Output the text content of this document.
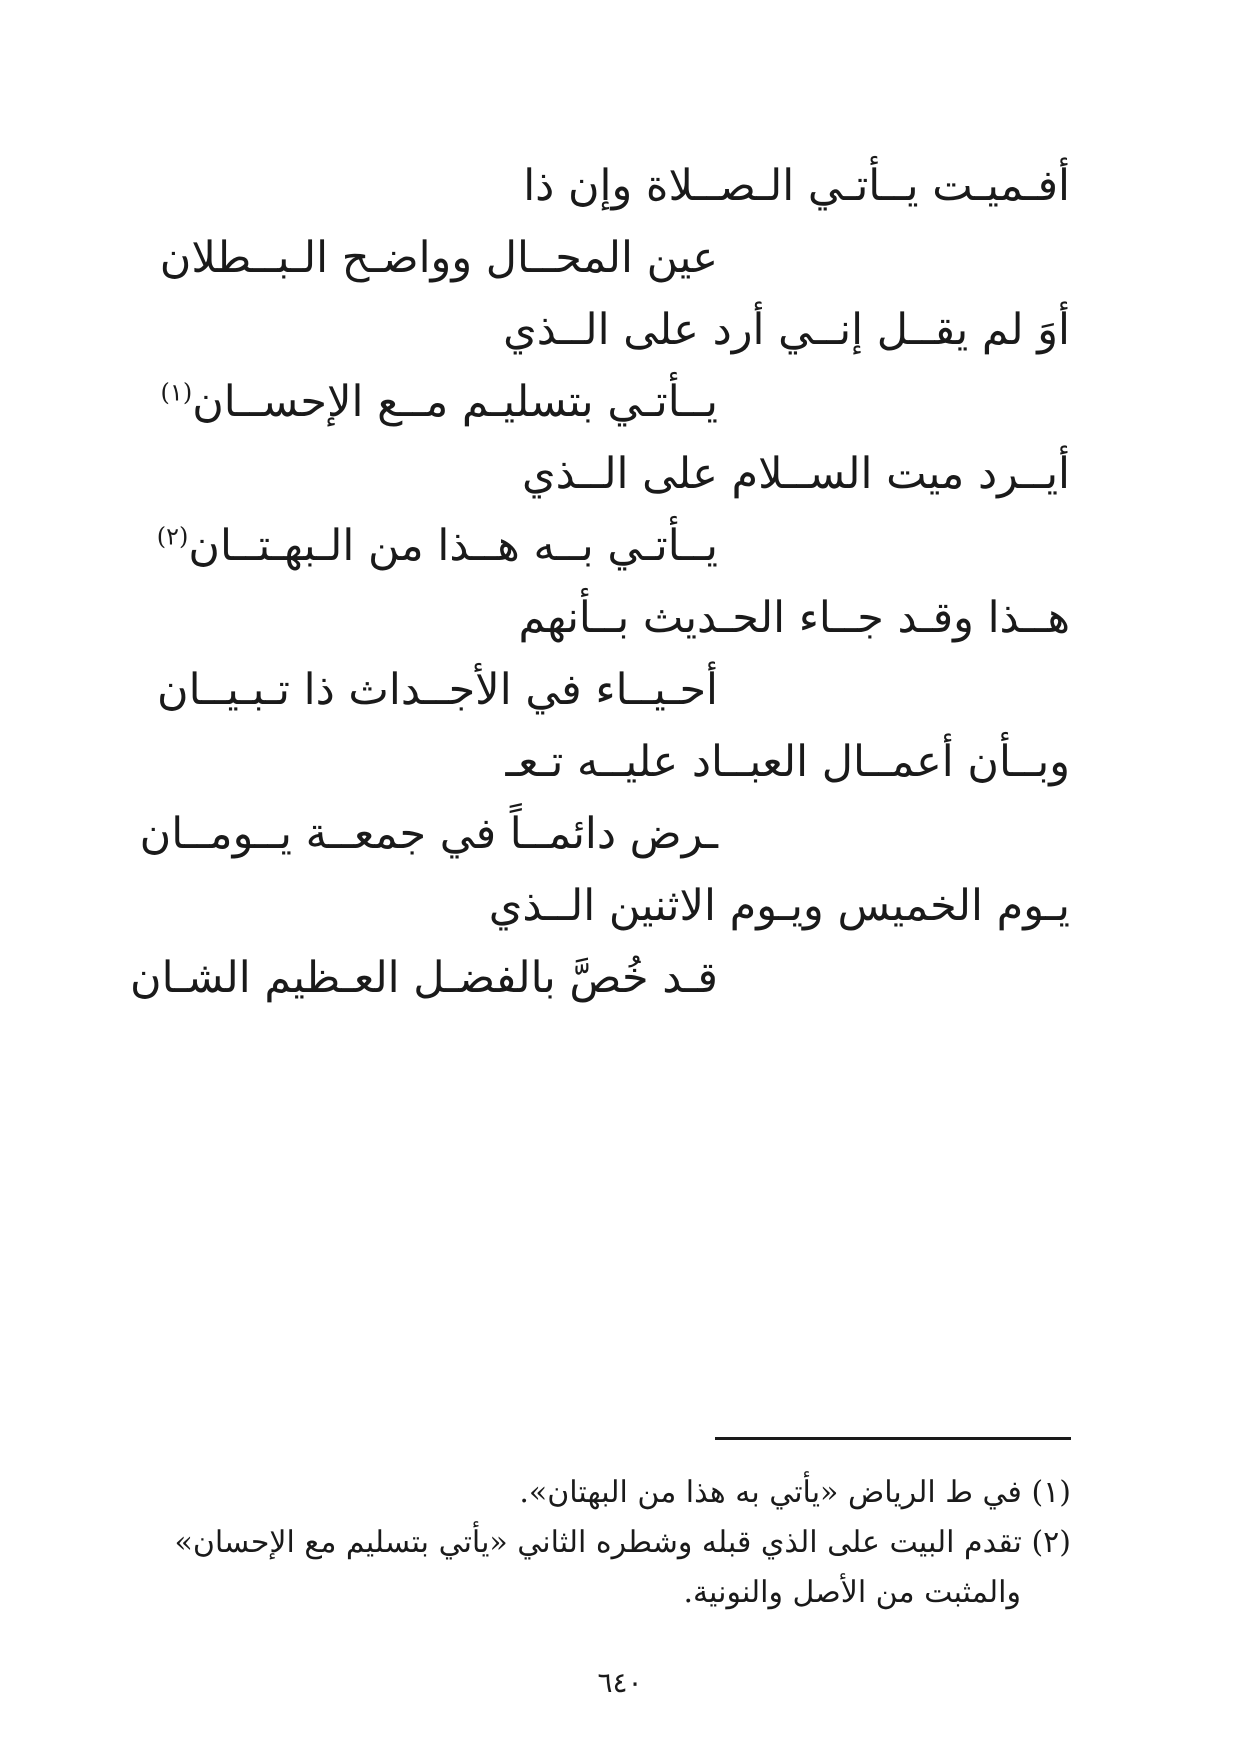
أفـميـت يــأتـي الـصــلاة وإن ذا
عين المحــال وواضـح الـبــطلان
أوَ لم يقــل إنــي أرد على الــذي
يــأتـي بتسليـم مــع الإحســان$^{(١)}$
أيــرد ميت الســلام على الــذي
يــأتـي بــه هــذا من الـبهـتــان$^{(٢)}$
هــذا وقـد جــاء الحـديث بــأنهم
أحـيــاء في الأجــداث ذا تـبـيــان
وبــأن أعمــال العبــاد عليــه تـعـ
ـرض دائمــاً في جمعــة يــومــان
يـوم الخميس ويـوم الاثنين الــذي
قـد خُصَّ بالفضـل العـظيم الشـان
(١) في ط الرياض «يأتي به هذا من البهتان».
(٢) تقدم البيت على الذي قبله وشطره الثاني «يأتي بتسليم مع الإحسان»
والمثبت من الأصل والنونية.
٦٤٠
